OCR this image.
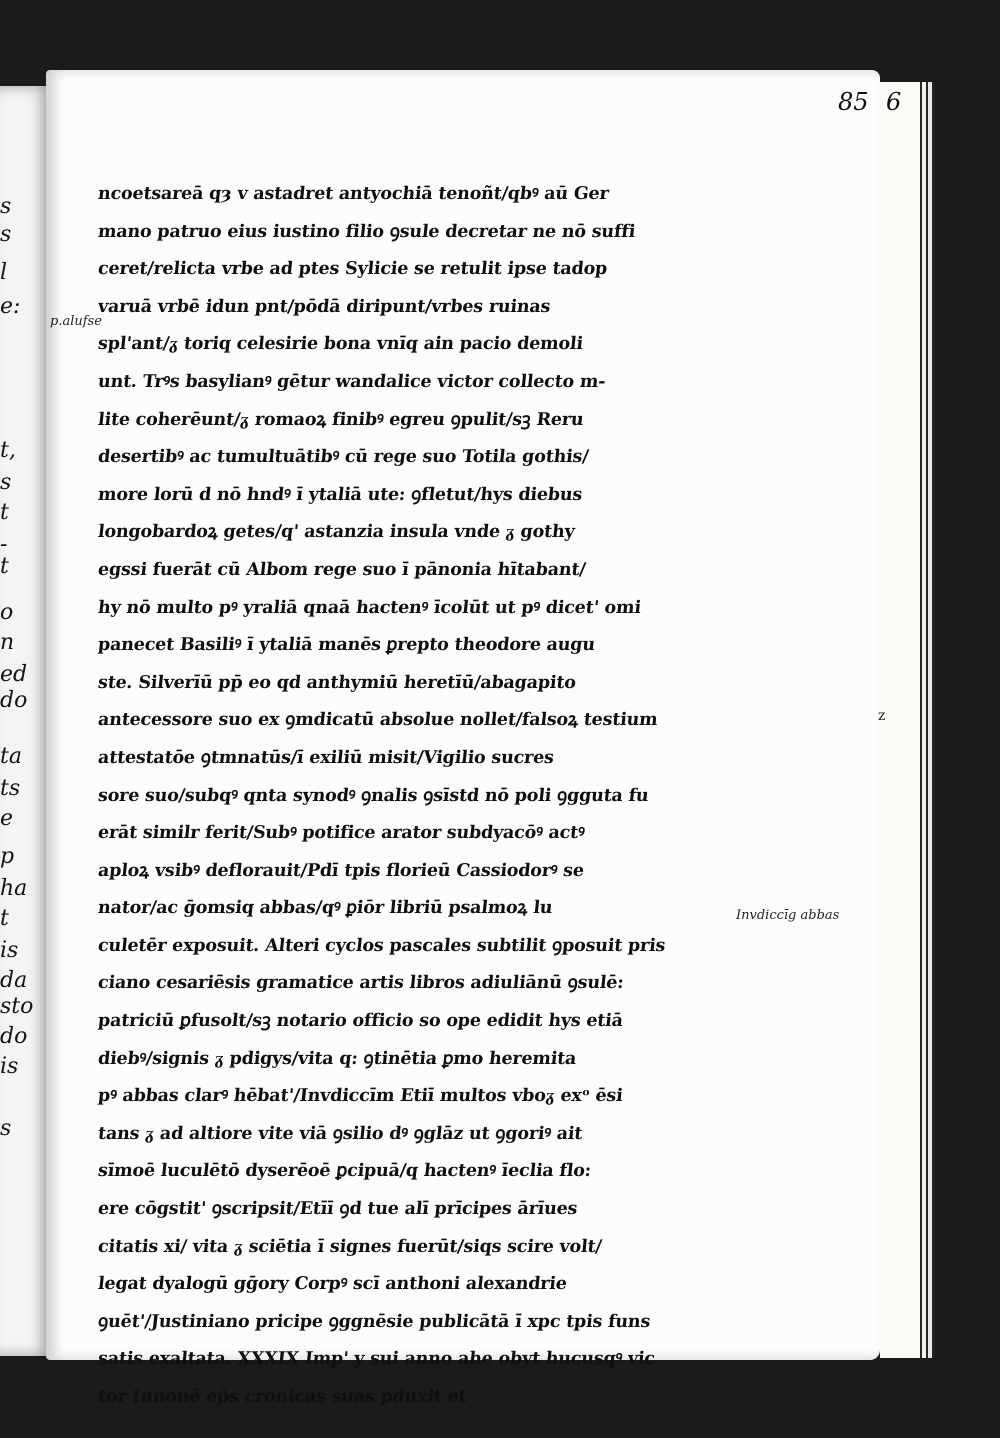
s
s
l
e:
t,
s
t
-
t
o
n
ed
do
ta
ts
e
p
ha
t
is
da
sto
do
is
s
85 6
p.alufse
Invdiccīg abbas
z
ncoetsareā qȝ v astadret antyochiā tenoñt/qbꝰ aū Ger
mano patruo eius iustino filio ꝯsule decretar ne nō suffi
ceret/relicta vrbe ad ptes Sylicie se retulit ipse tadop
varuā vrbē idun pnt/pōdā diripunt/vrbes ruinas
spl'ant/ᵹ toriq celesirie bona vnīq ain pacio demoli
unt. Trꝰs basylianꝰ gētur wandalice victor collecto m-
lite coherēunt/ᵹ romaoꝝ finibꝰ egreu ꝯpulit/sꝫ Reru
desertibꝰ ac tumultuātibꝰ cū rege suo Totila gothis/
more lorū d nō hndꝰ ī ytaliā ute: ꝯfletut/hys diebus
longobardoꝝ getes/q' astanzia insula vnde ᵹ gothy
egssi fuerāt cū Albom rege suo ī pānonia hītabant/
hy nō multo pꝰ yraliā qnaā hactenꝰ īcolūt ut pꝰ dicet' omi
panecet Basiliꝰ ī ytaliā manēs ꝑrepto theodore augu
ste. Silverīū pp̄ eo qd anthymiū heretīū/abagapito
antecessore suo ex ꝯmdicatū absolue nollet/falsoꝝ testium
attestatōe ꝯtmnatūs/ī exiliū misit/Vigilio sucres
sore suo/subqꝰ qnta synodꝰ ꝯnalis ꝯsīstd nō poli ꝯgguta fu
erāt similr ferit/Subꝰ potifice arator subdyacōꝰ actꝰ
aploꝝ vsibꝰ deflorauit/Pdī tpis florieū Cassiodorꝰ se
nator/ac ḡomsiq abbas/qꝰ ꝑiōr libriū psalmoꝝ lu
culetēr exposuit. Alteri cyclos pascales subtilit ꝯposuit pris
ciano cesariēsis gramatice artis libros adiuliānū ꝯsulē:
patriciū ꝑfusolt/sꝫ notario officio so ope edidit hys etiā
diebꝰ/signis ᵹ pdigys/vita q: ꝯtinētia ꝑmo heremita
pꝰ abbas clarꝰ hēbat'/Invdiccīm Etiī multos vboᵹ exᵒ ēsi
tans ᵹ ad altiore vite viā ꝯsilio dꝰ ꝯglāz ut ꝯgoriꝰ ait
sīmoē luculētō dyserēoē ꝑcipuā/q hactenꝰ īeclia flo:
ere cōgstit' ꝯscripsit/Etīī ꝯd tue alī prīcipes ārīues
citatis xi/ vita ᵹ sciētia ī signes fuerūt/siqs scire volt/
legat dyalogū gḡory Corpꝰ scī anthoni alexandrie
ꝯuēt'/Justiniano pricipe ꝯggnēsie publicātā ī xpc tpis funs
satis exaltata. XXXIX Imp' y sui anno ahe obyt hucusqꝰ vic
tor tunonē ep̄s cronicas suas pduxit et
